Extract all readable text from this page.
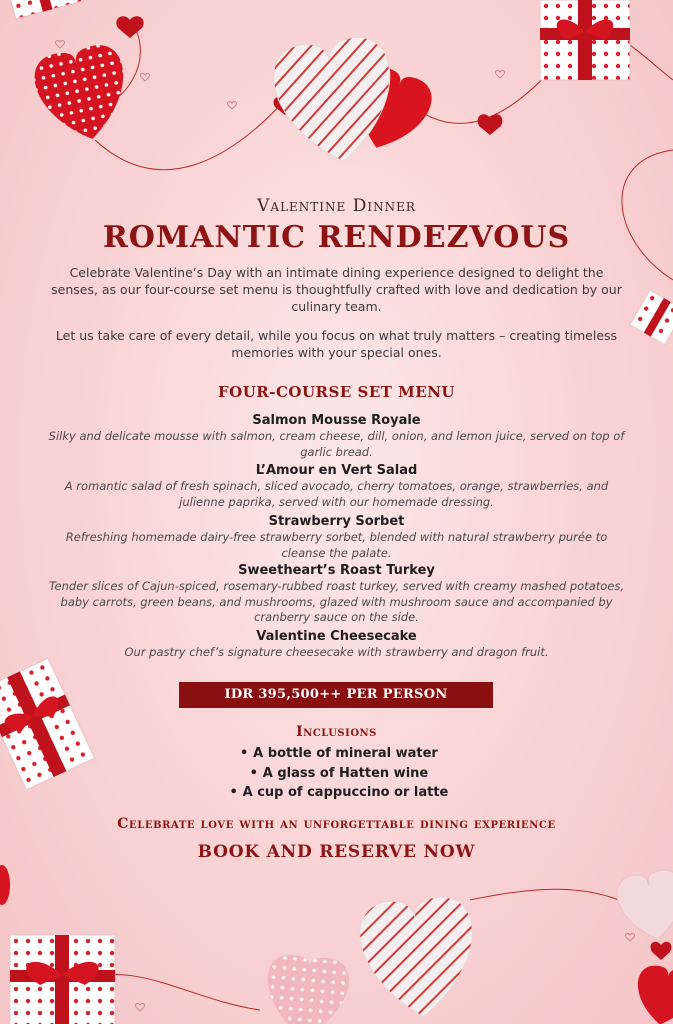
Valentine Dinner
ROMANTIC RENDEZVOUS
Celebrate Valentine’s Day with an intimate dining experience designed to delight the senses, as our four-course set menu is thoughtfully crafted with love and dedication by our culinary team.
Let us take care of every detail, while you focus on what truly matters – creating timeless memories with your special ones.
FOUR-COURSE SET MENU
Salmon Mousse Royale
Silky and delicate mousse with salmon, cream cheese, dill, onion, and lemon juice, served on top of garlic bread.
L’Amour en Vert Salad
A romantic salad of fresh spinach, sliced avocado, cherry tomatoes, orange, strawberries, and julienne paprika, served with our homemade dressing.
Strawberry Sorbet
Refreshing homemade dairy-free strawberry sorbet, blended with natural strawberry purée to cleanse the palate.
Sweetheart’s Roast Turkey
Tender slices of Cajun-spiced, rosemary-rubbed roast turkey, served with creamy mashed potatoes, baby carrots, green beans, and mushrooms, glazed with mushroom sauce and accompanied by cranberry sauce on the side.
Valentine Cheesecake
Our pastry chef’s signature cheesecake with strawberry and dragon fruit.
IDR 395,500++ PER PERSON
Inclusions
• A bottle of mineral water
• A glass of Hatten wine
• A cup of cappuccino or latte
Celebrate love with an unforgettable dining experience
BOOK AND RESERVE NOW
